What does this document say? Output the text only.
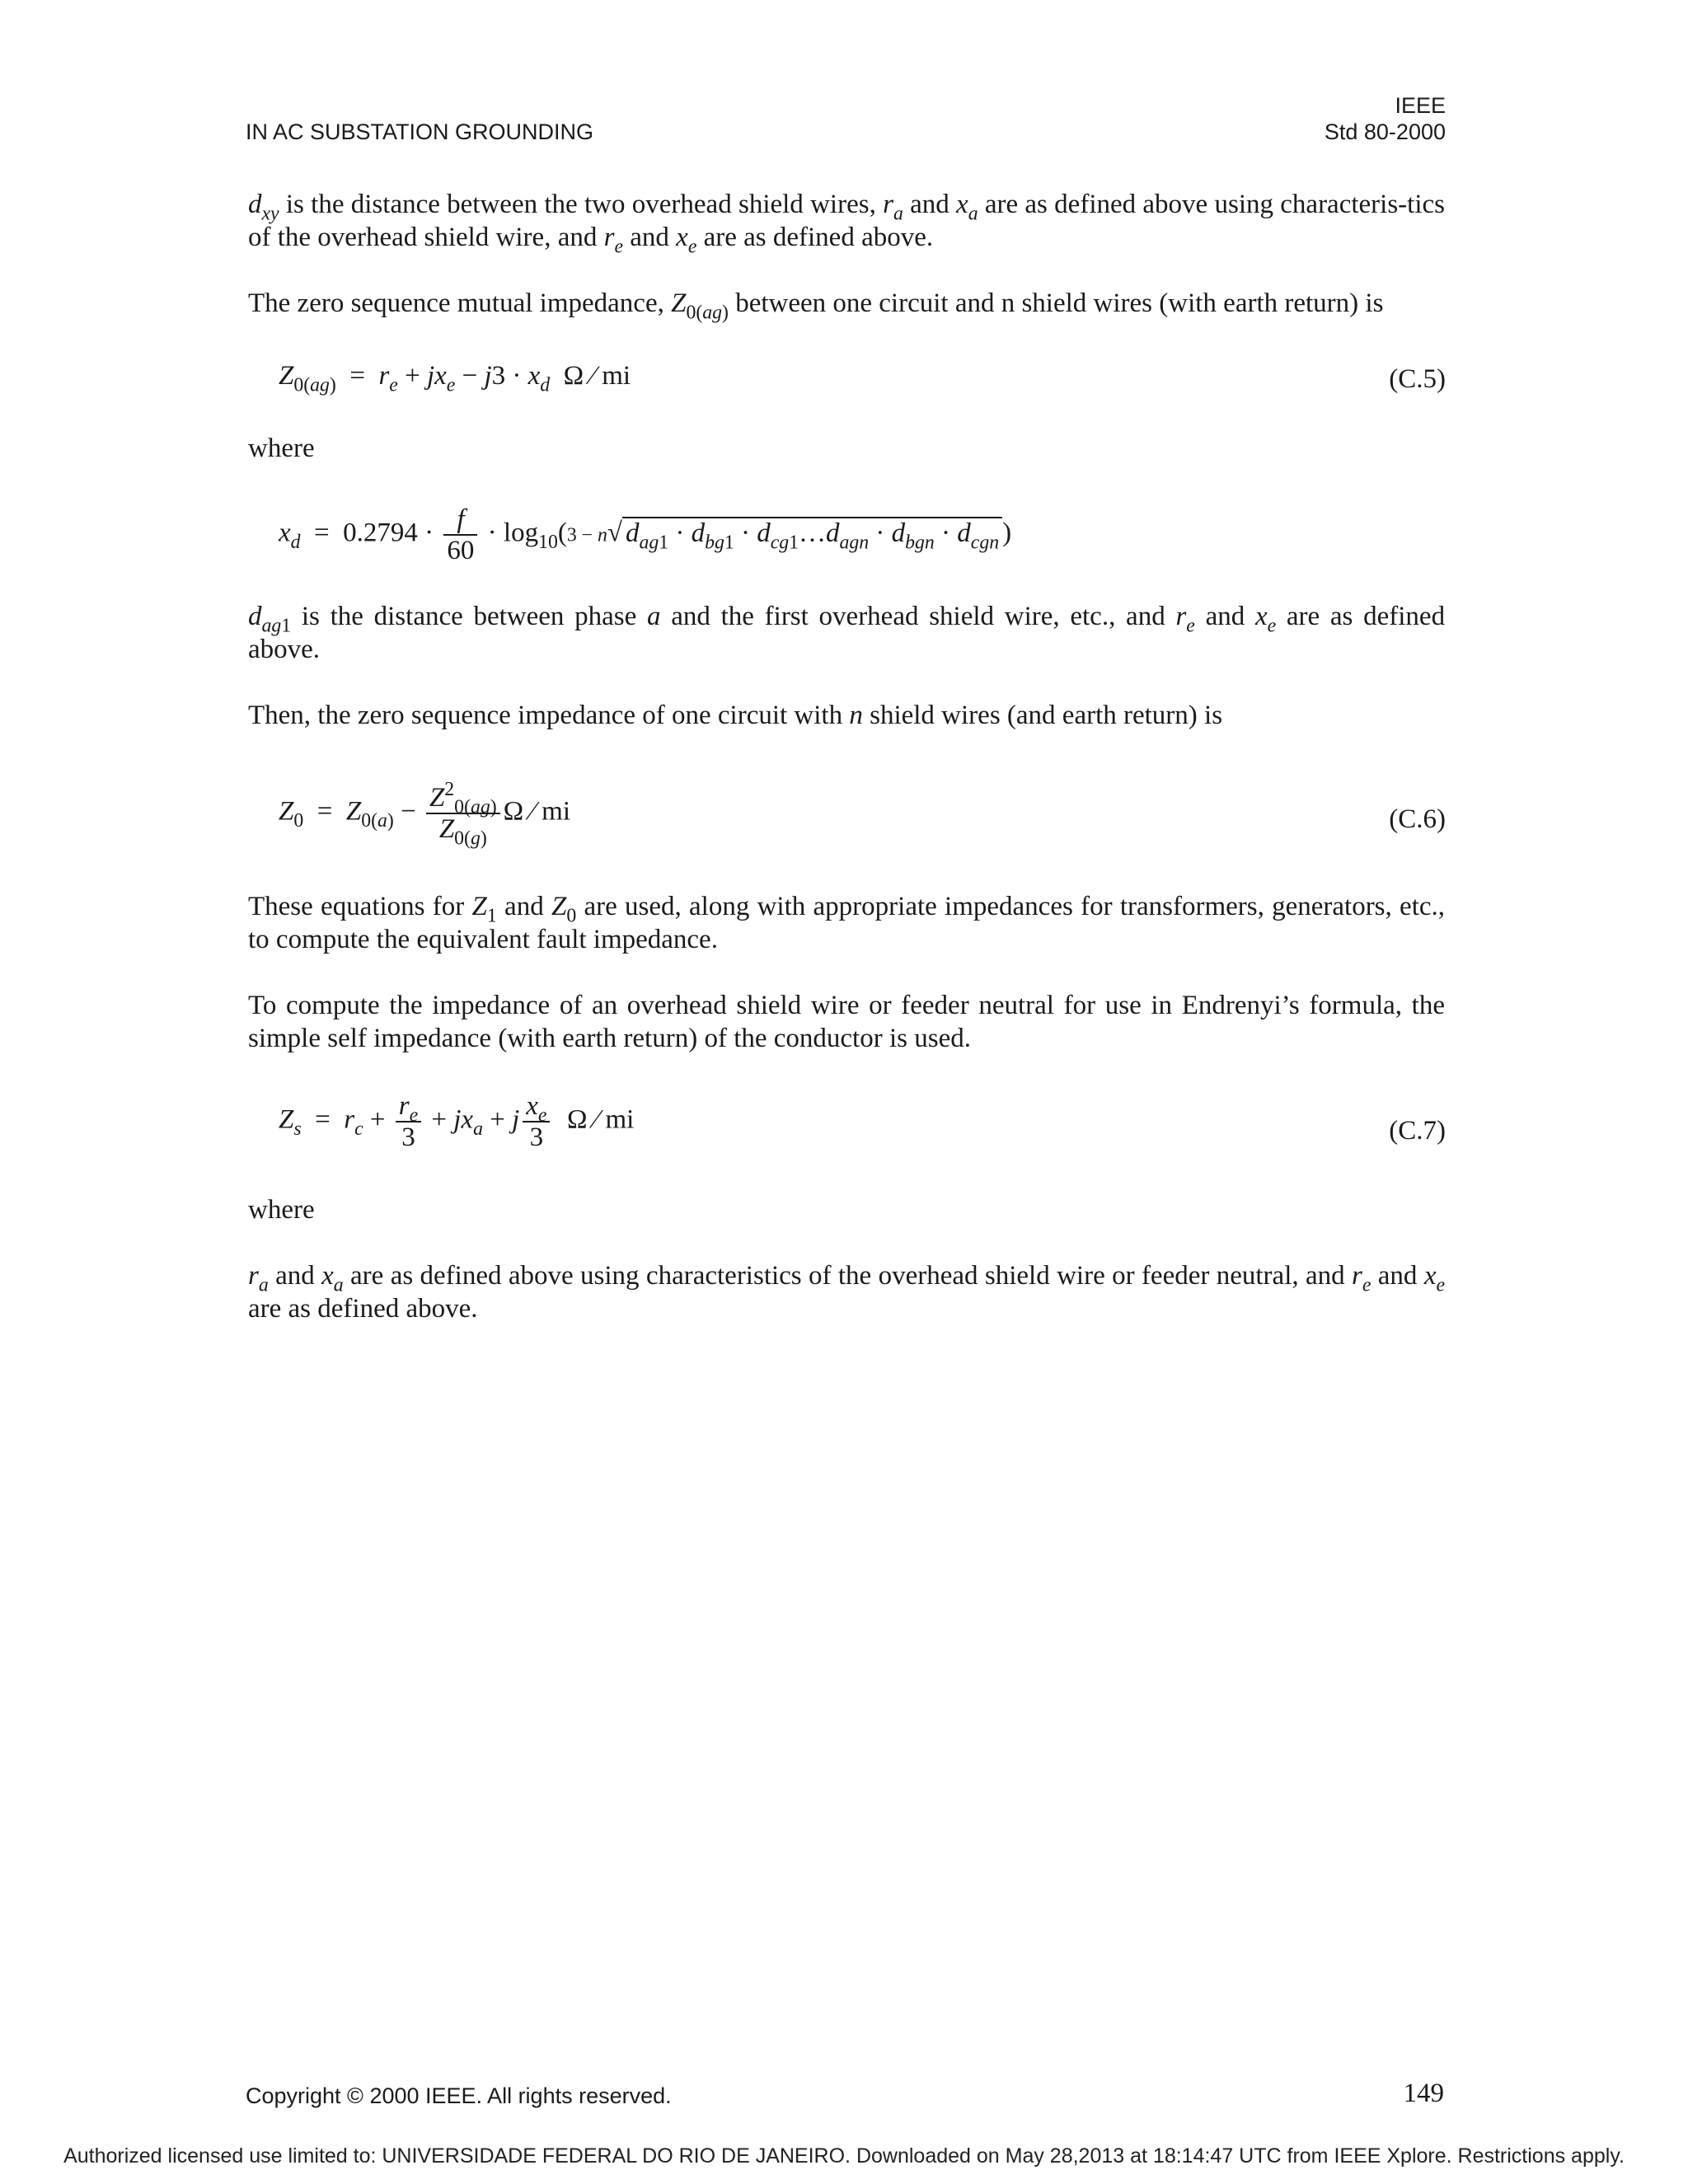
IN AC SUBSTATION GROUNDING
IEEE
Std 80-2000
$d_{xy}$ is the distance between the two overhead shield wires, $r_a$ and $x_a$ are as defined above using characteris-tics of the overhead shield wire, and $r_e$ and $x_e$ are as defined above.
The zero sequence mutual impedance, $Z_{0(ag)}$ between one circuit and n shield wires (with earth return) is
$Z_{0(ag)} = r_e + jx_e - j3 \cdot x_d$ Ω ⁄ mi	(C.5)
where
$x_d = 0.2794 \cdot \frac{f}{60} \cdot \log_{10}(3 - n√$ $d_{ag1} \cdot d_{bg1}$ · $d_{cg1}\dots d_{agn} \cdot d_{bgn} \cdot d_{cgn}$ )
$d_{ag1}$ is the distance between phase a and the first overhead shield wire, etc., and $r_e$ and $x_e$ are as defined above.
Then, the zero sequence impedance of one circuit with n shield wires (and earth return) is
$Z_0 = Z_{0(a)} - \frac{Z^2_{0(ag)}}{Z_{0(g)}}$ Ω ⁄ mi	(C.6)
These equations for $Z_1$ and $Z_0$ are used, along with appropriate impedances for transformers, generators, etc., to compute the equivalent fault impedance.
To compute the impedance of an overhead shield wire or feeder neutral for use in Endrenyi’s formula, the simple self impedance (with earth return) of the conductor is used.
$Z_s = r_c + \frac{r_e}{3} + jx_a + j \frac{x_e}{3}$ Ω ⁄ mi	(C.7)
where
$r_a$ and $x_a$ are as defined above using characteristics of the overhead shield wire or feeder neutral, and $r_e$ and $x_e$ are as defined above.
Copyright © 2000 IEEE. All rights reserved.	149
Authorized licensed use limited to: UNIVERSIDADE FEDERAL DO RIO DE JANEIRO. Downloaded on May 28,2013 at 18:14:47 UTC from IEEE Xplore. Restrictions apply.
